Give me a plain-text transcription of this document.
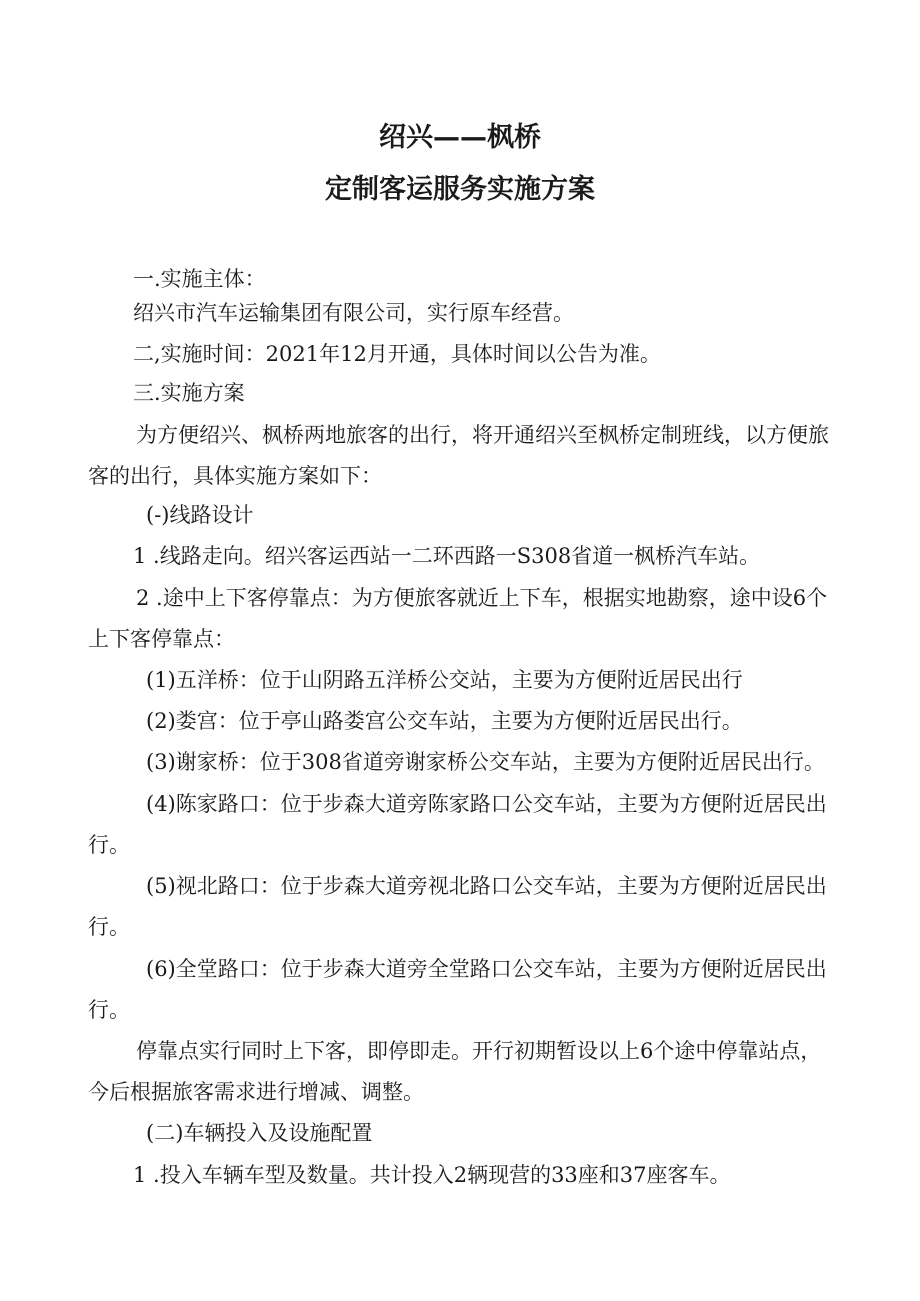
绍兴——枫桥
定制客运服务实施方案
一.实施主体：
绍兴市汽车运输集团有限公司，实行原车经营。
二,实施时间：2021年12月开通，具体时间以公告为准。
三.实施方案
为方便绍兴、枫桥两地旅客的出行，将开通绍兴至枫桥定制班线，以方便旅
客的出行，具体实施方案如下：
(-)线路设计
1 .线路走向。绍兴客运西站一二环西路一S308省道一枫桥汽车站。
2 .途中上下客停靠点：为方便旅客就近上下车，根据实地勘察，途中设6个
上下客停靠点：
(1)五洋桥：位于山阴路五洋桥公交站，主要为方便附近居民出行
(2)娄宫：位于亭山路娄宫公交车站，主要为方便附近居民出行。
(3)谢家桥：位于308省道旁谢家桥公交车站，主要为方便附近居民出行。
(4)陈家路口：位于步森大道旁陈家路口公交车站，主要为方便附近居民出
行。
(5)视北路口：位于步森大道旁视北路口公交车站，主要为方便附近居民出
行。
(6)全堂路口：位于步森大道旁全堂路口公交车站，主要为方便附近居民出
行。
停靠点实行同时上下客，即停即走。开行初期暂设以上6个途中停靠站点，
今后根据旅客需求进行增减、调整。
(二)车辆投入及设施配置
1 .投入车辆车型及数量。共计投入2辆现营的33座和37座客车。
